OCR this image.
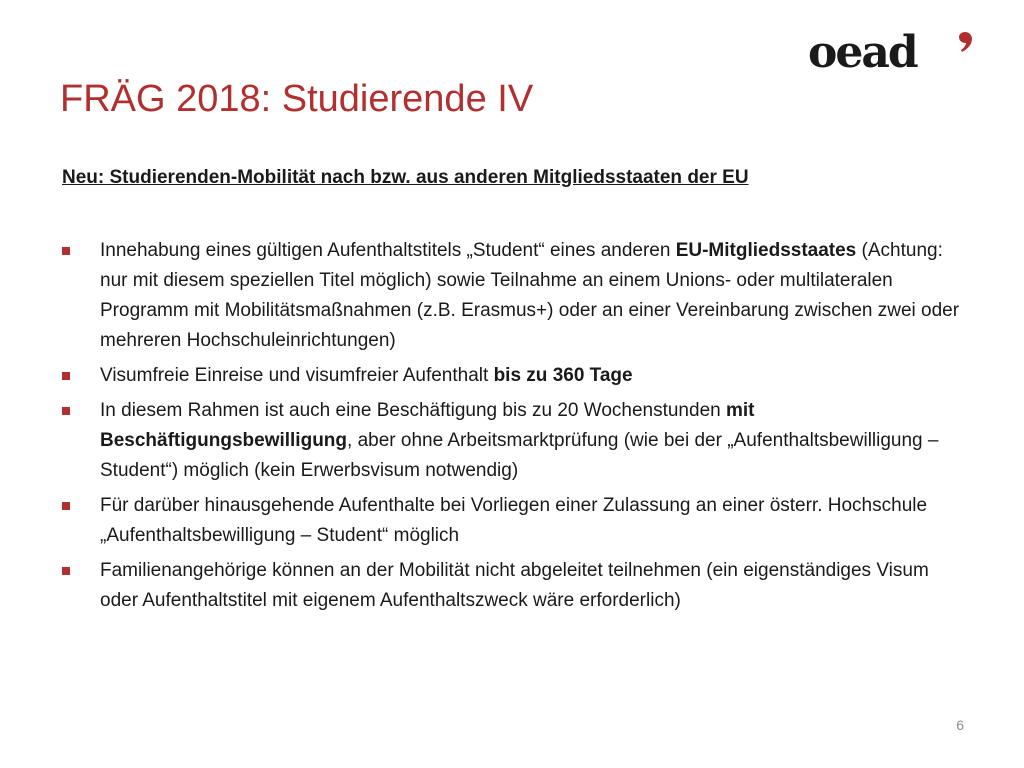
oead
FRÄG 2018: Studierende IV
Neu: Studierenden-Mobilität nach bzw. aus anderen Mitgliedsstaaten der EU
Innehabung eines gültigen Aufenthaltstitels „Student“ eines anderen EU-Mitgliedsstaates (Achtung: nur mit diesem speziellen Titel möglich) sowie Teilnahme an einem Unions- oder multilateralen Programm mit Mobilitätsmaßnahmen (z.B. Erasmus+) oder an einer Vereinbarung zwischen zwei oder mehreren Hochschuleinrichtungen)
Visumfreie Einreise und visumfreier Aufenthalt bis zu 360 Tage
In diesem Rahmen ist auch eine Beschäftigung bis zu 20 Wochenstunden mit Beschäftigungsbewilligung, aber ohne Arbeitsmarktprüfung (wie bei der „Aufenthaltsbewilligung – Student“) möglich (kein Erwerbsvisum notwendig)
Für darüber hinausgehende Aufenthalte bei Vorliegen einer Zulassung an einer österr. Hochschule „Aufenthaltsbewilligung – Student“ möglich
Familienangehörige können an der Mobilität nicht abgeleitet teilnehmen (ein eigenständiges Visum oder Aufenthaltstitel mit eigenem Aufenthaltszweck wäre erforderlich)
6
